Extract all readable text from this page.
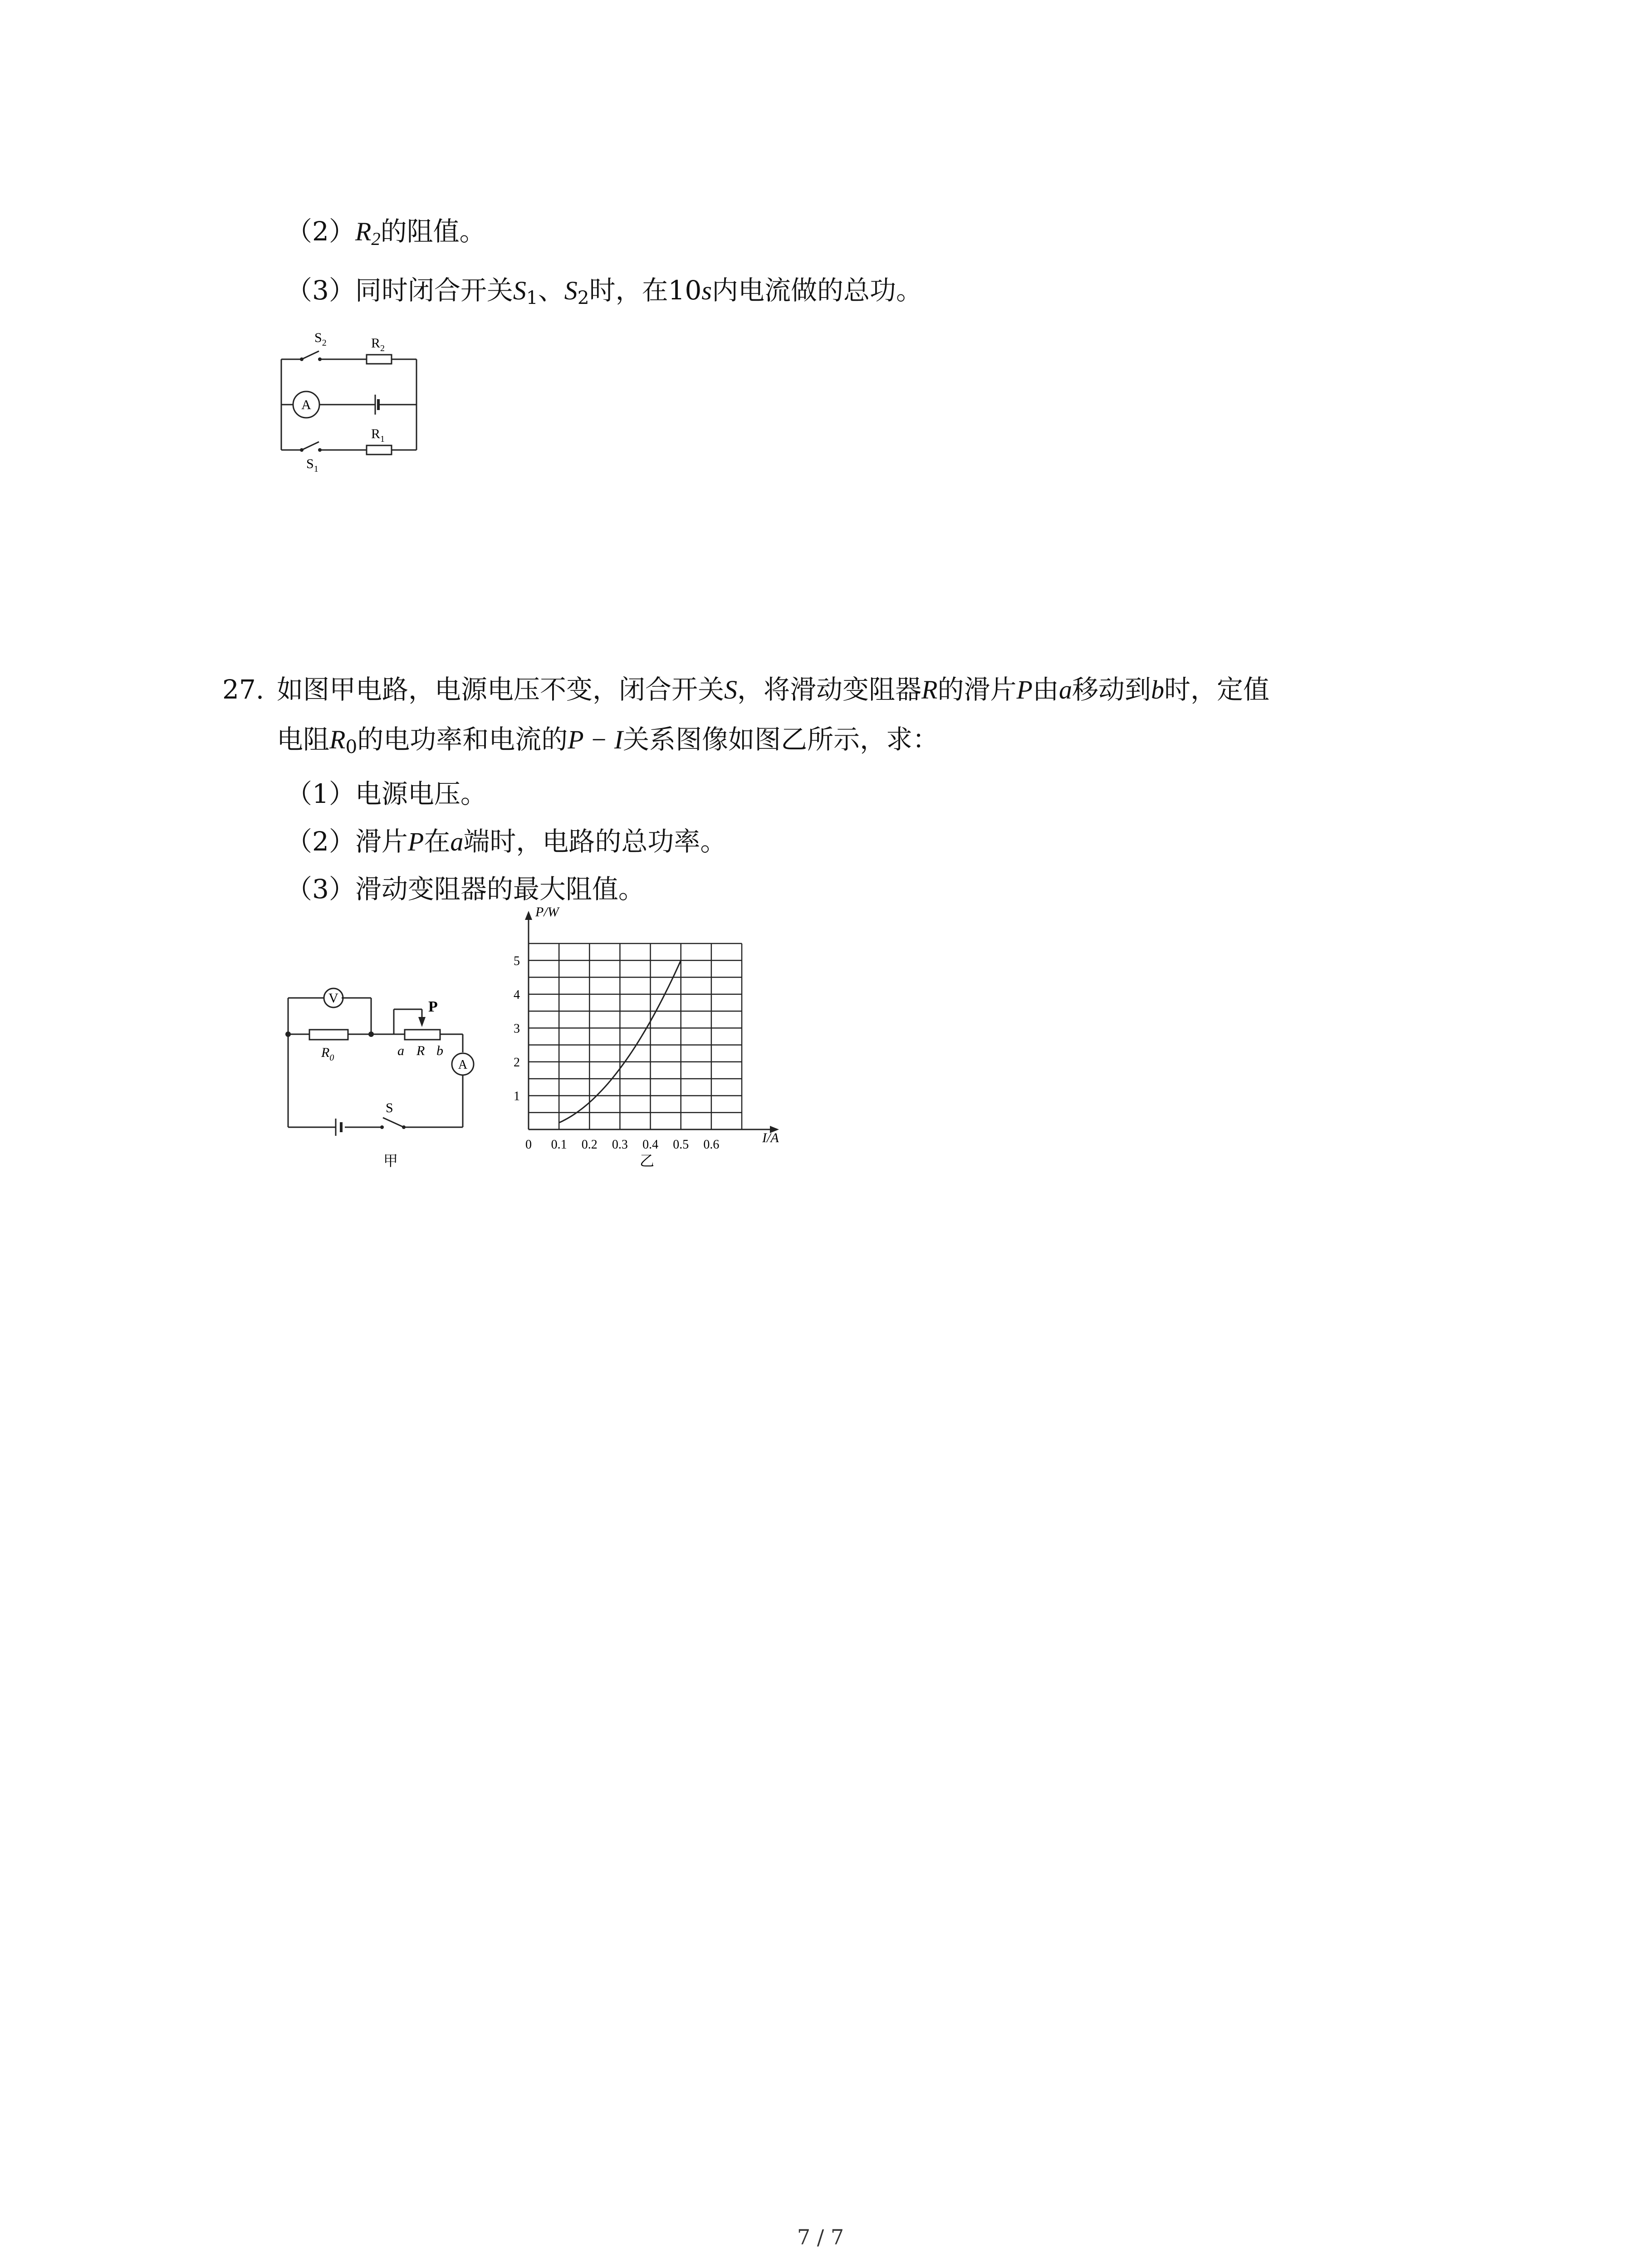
$(2)R_2$的阻值。
（3）同时闭合开关$S_1$、$S_2$时，在10s内电流做的总功。
$S_2$	$R_2$
A
$R_1$
$S_1$
27. 如图甲电路，电源电压不变，闭合开关S，将滑动变阻器R的滑片P由a移动到b时，定值
电阻$R_0$的电功率和电流的P − I关系图像如图乙所示，求：
（1）电源电压。
（2）滑片P在a端时，电路的总功率。
（3）滑动变阻器的最大阻值。
V
$R_0$
P
a R b
A
S
甲
0 0.1 0.2 0.3 0.4 0.5 0.6
1
2
3
4
5
P/W
I/A
乙
7 / 7
